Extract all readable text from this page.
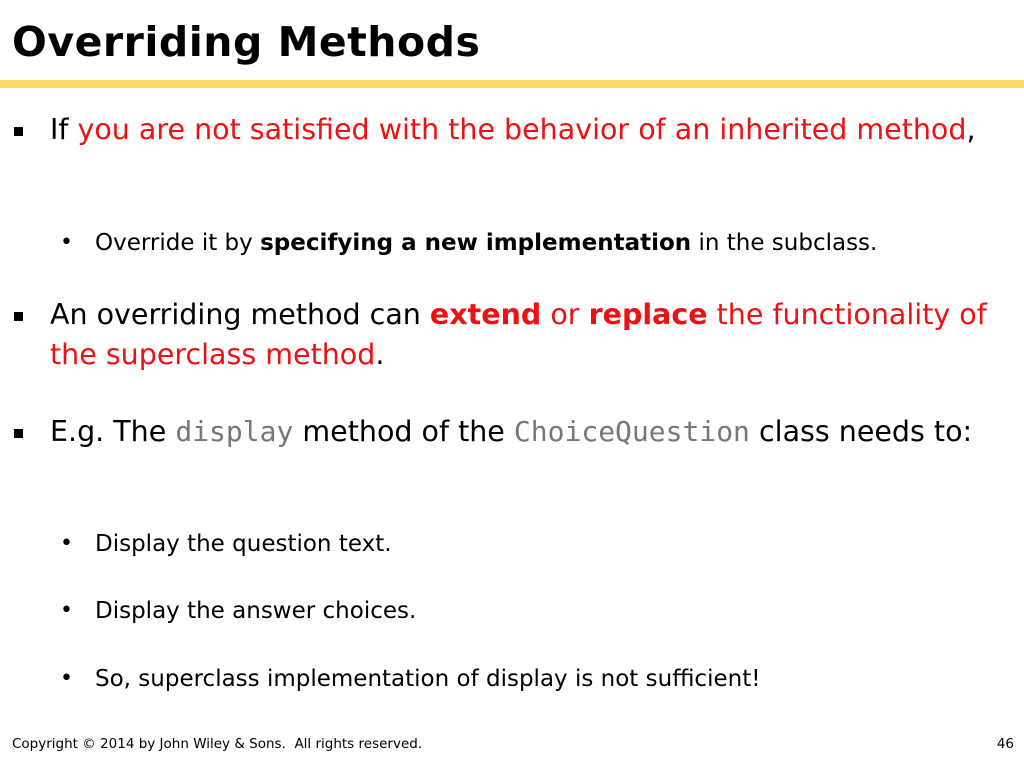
Overriding Methods
If you are not satisfied with the behavior of an inherited method,
• Override it by specifying a new implementation in the subclass.
An overriding method can extend or replace the functionality of the superclass method.
E.g. The display method of the ChoiceQuestion class needs to:
• Display the question text.
• Display the answer choices.
• So, superclass implementation of display is not sufficient!
Copyright © 2014 by John Wiley & Sons.  All rights reserved.	46
